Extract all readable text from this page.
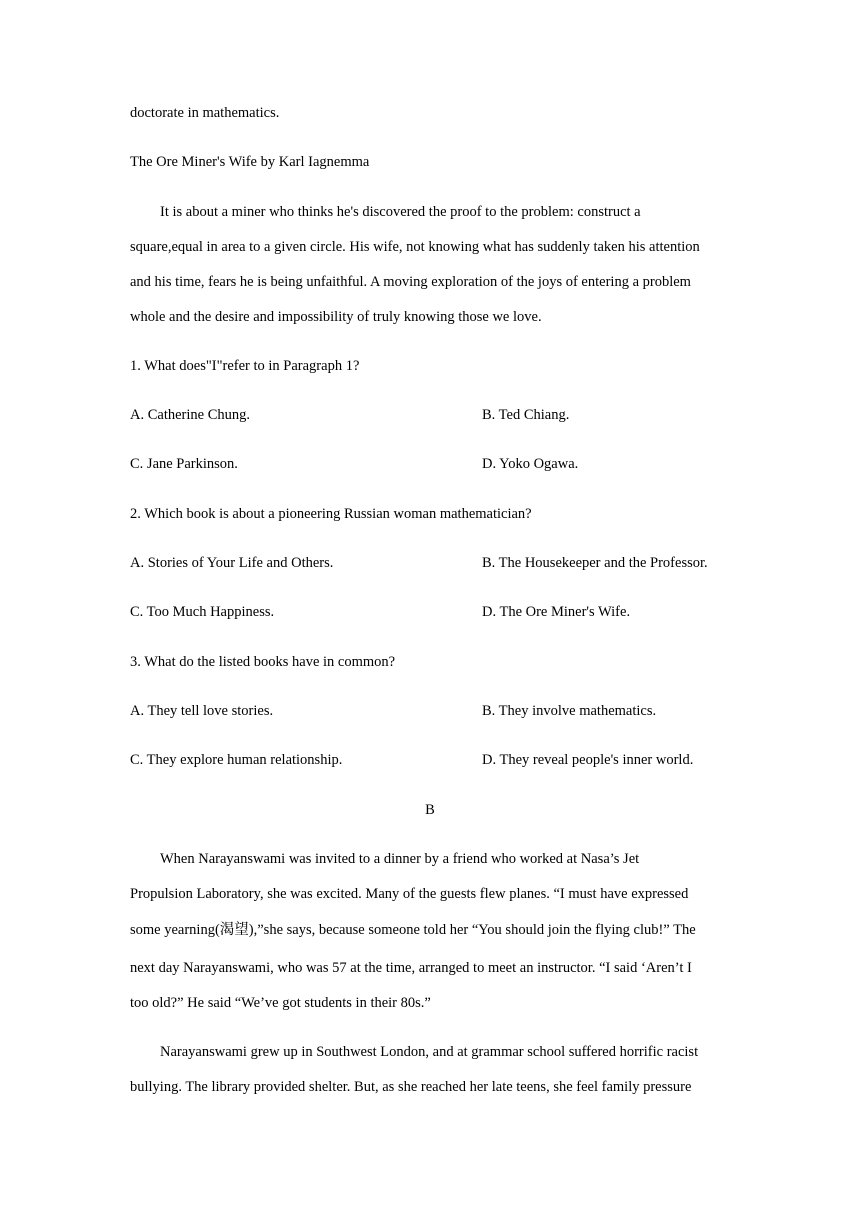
doctorate in mathematics.
The Ore Miner's Wife by Karl Iagnemma
It is about a miner who thinks he's discovered the proof to the problem: construct a
square,equal in area to a given circle. His wife, not knowing what has suddenly taken his attention
and his time, fears he is being unfaithful. A moving exploration of the joys of entering a problem
whole and the desire and impossibility of truly knowing those we love.
1. What does"I"refer to in Paragraph 1?
A. Catherine Chung.	B. Ted Chiang.
C. Jane Parkinson.	D. Yoko Ogawa.
2. Which book is about a pioneering Russian woman mathematician?
A. Stories of Your Life and Others.	B. The Housekeeper and the Professor.
C. Too Much Happiness.	D. The Ore Miner's Wife.
3. What do the listed books have in common?
A. They tell love stories.	B. They involve mathematics.
C. They explore human relationship.	D. They reveal people's inner world.
B
When Narayanswami was invited to a dinner by a friend who worked at Nasa’s Jet
Propulsion Laboratory, she was excited. Many of the guests flew planes. “I must have expressed
some yearning(渴望),”she says, because someone told her “You should join the flying club!” The
next day Narayanswami, who was 57 at the time, arranged to meet an instructor. “I said ‘Aren’t I
too old?” He said “We’ve got students in their 80s.”
Narayanswami grew up in Southwest London, and at grammar school suffered horrific racist
bullying. The library provided shelter. But, as she reached her late teens, she feel family pressure
